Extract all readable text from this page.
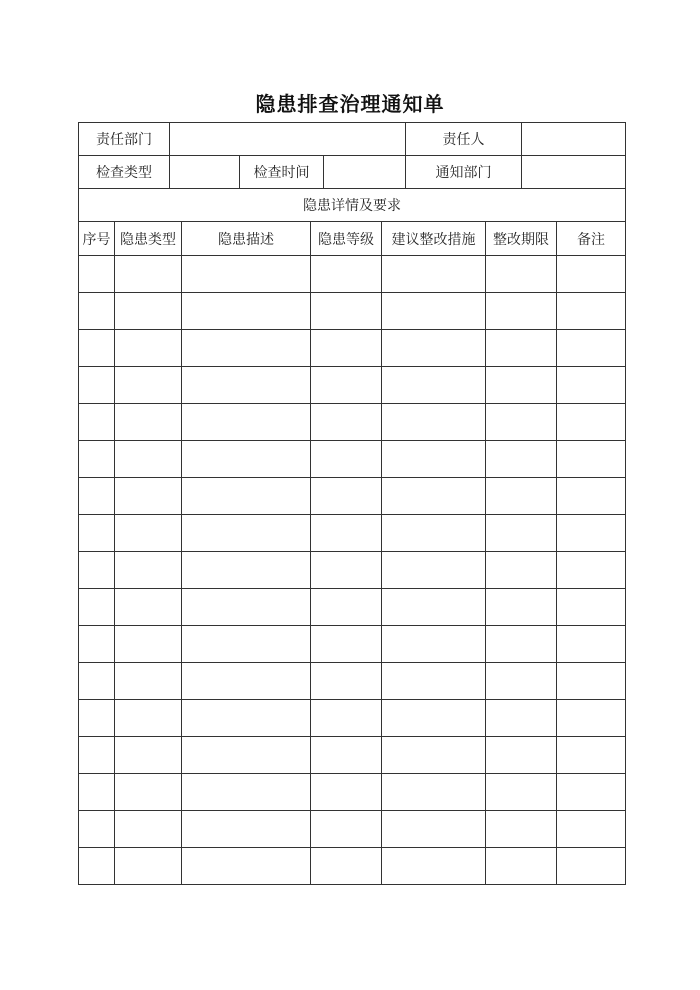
隐患排查治理通知单
责任部门				责任人	
检查类型		检查时间		通知部门	
隐患详情及要求					
序号	隐患类型	隐患描述	隐患等级	建议整改措施	整改期限	备注
